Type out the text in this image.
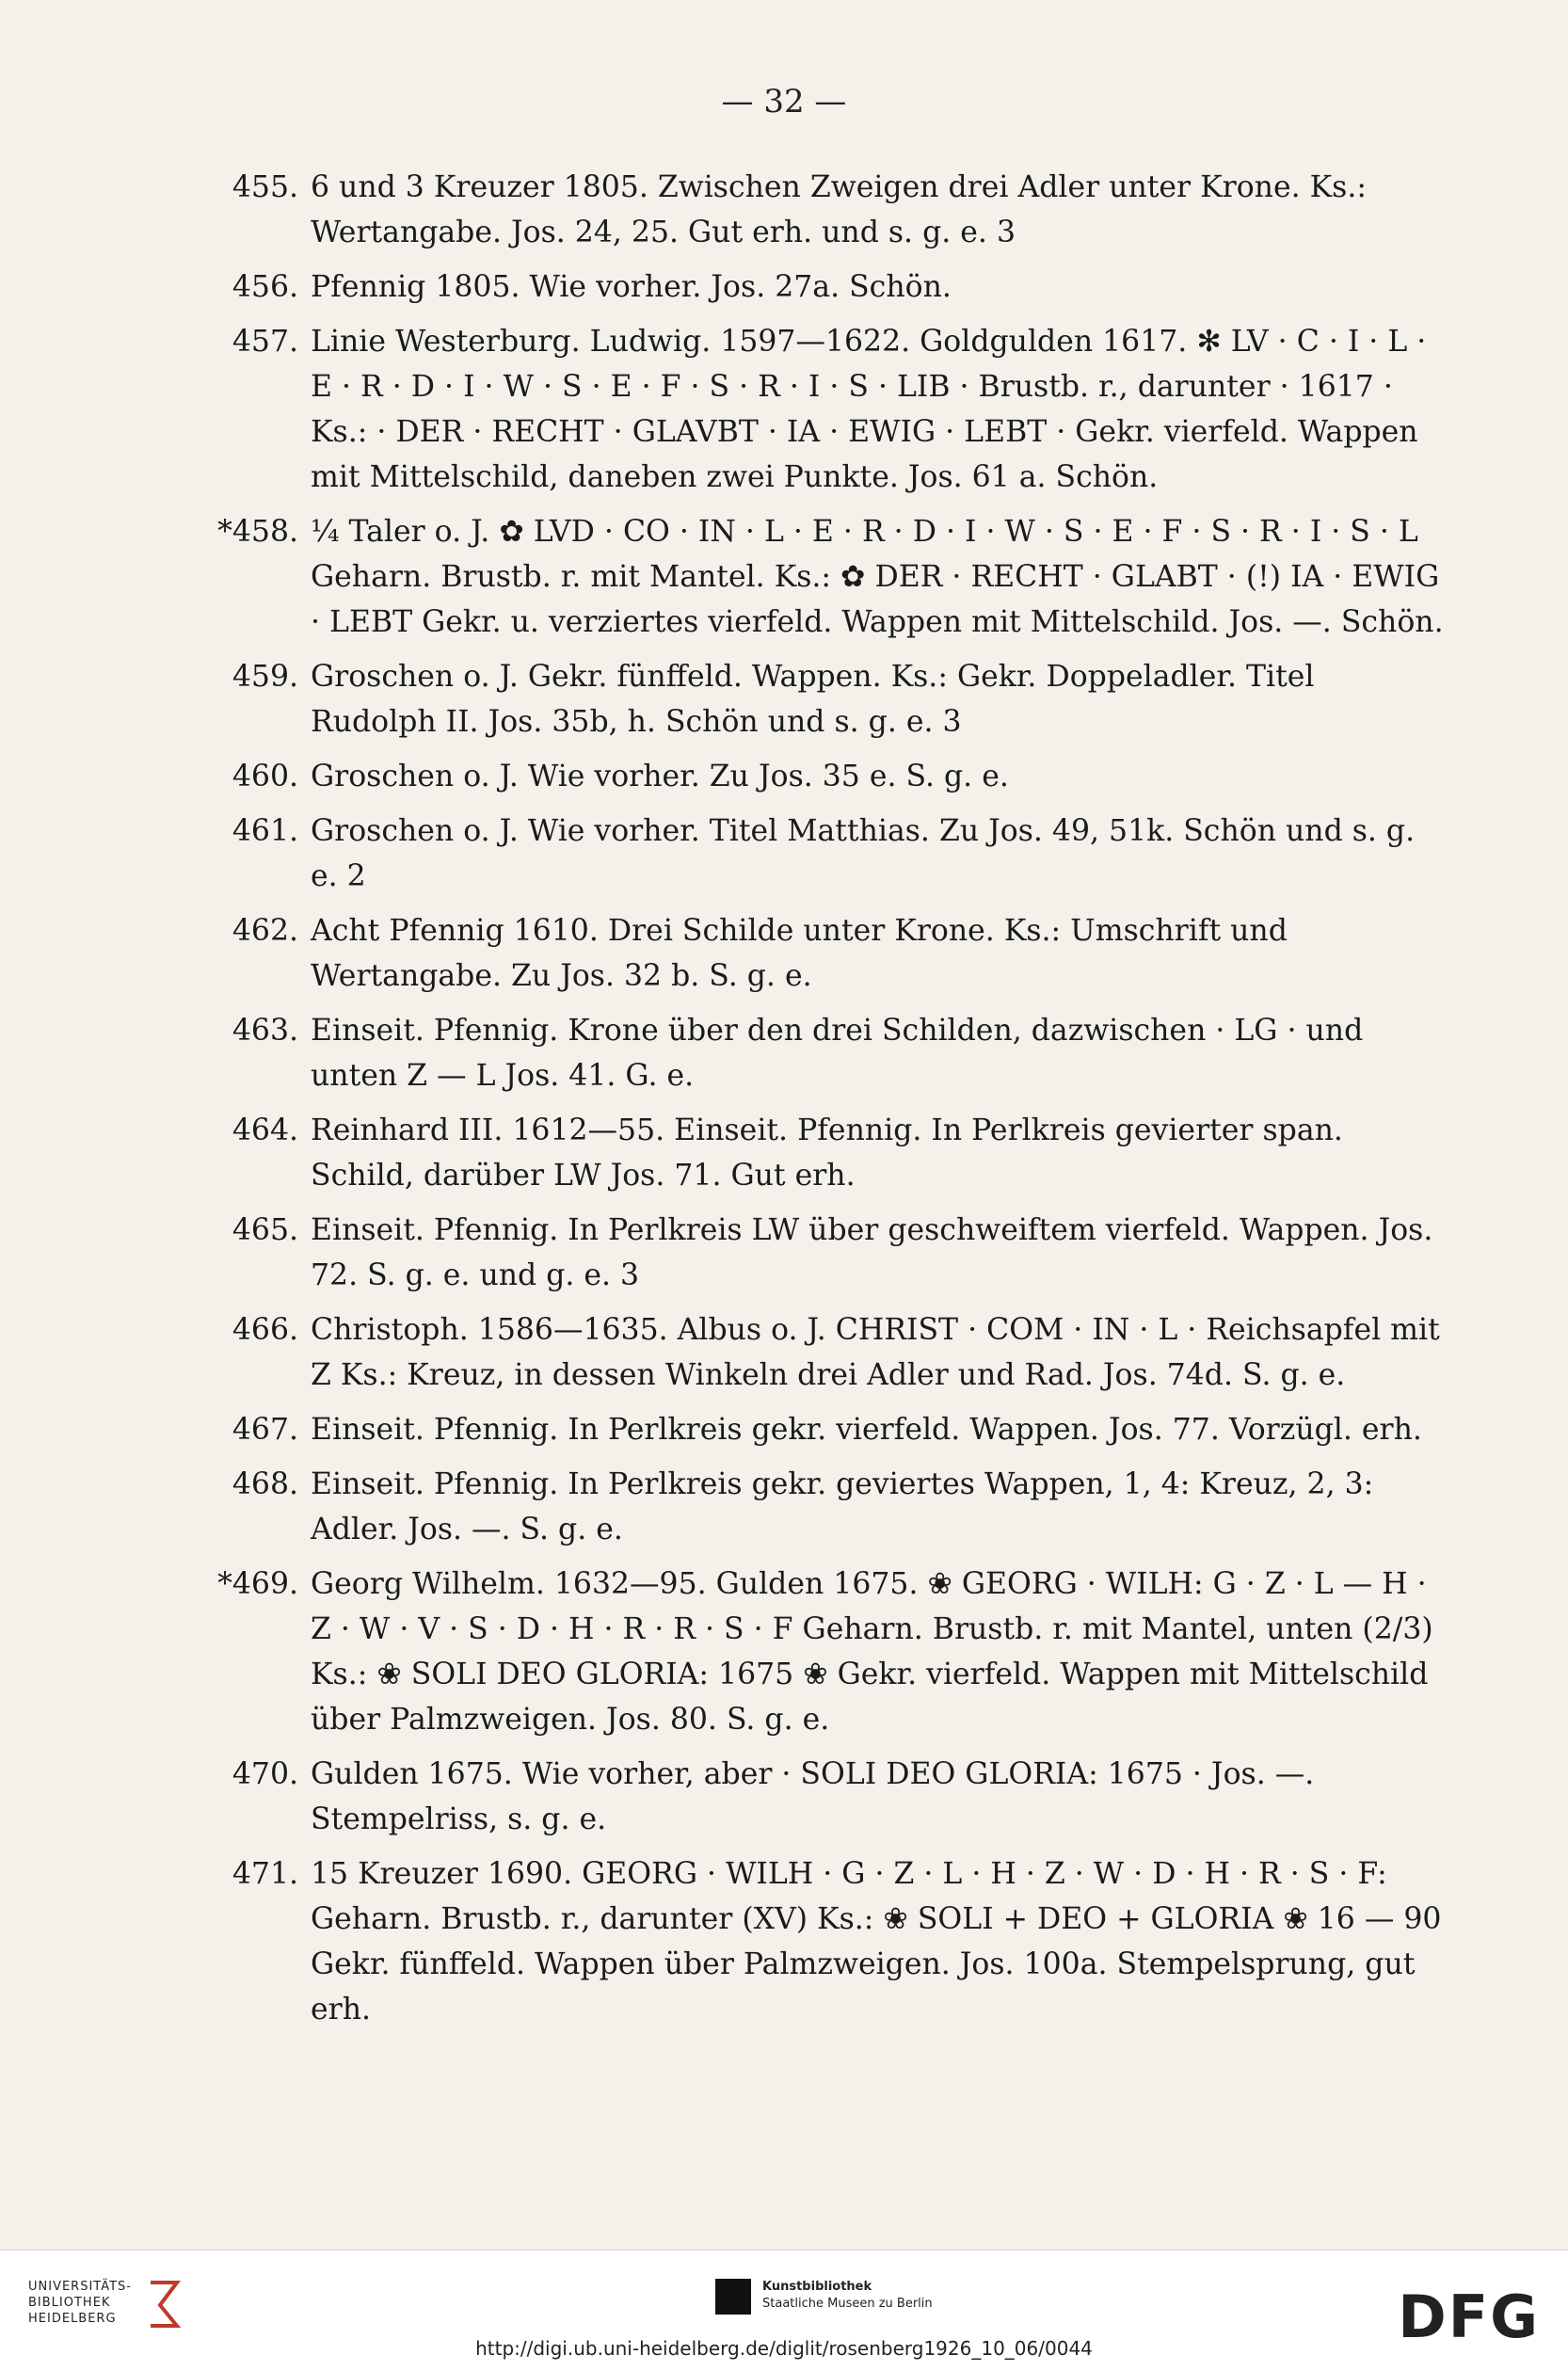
— 32 —
455. 6 und 3 Kreuzer 1805. Zwischen Zweigen drei Adler unter Krone. Ks.: Wertangabe. Jos. 24, 25. Gut erh. und s. g. e. 3
456. Pfennig 1805. Wie vorher. Jos. 27a. Schön.
457. Linie Westerburg. Ludwig. 1597—1622. Goldgulden 1617. ✻ LV · C · I · L · E · R · D · I · W · S · E · F · S · R · I · S · LIB · Brustb. r., darunter · 1617 · Ks.: · DER · RECHT · GLAVBT · IA · EWIG · LEBT · Gekr. vierfeld. Wappen mit Mittelschild, daneben zwei Punkte. Jos. 61 a. Schön.
*458. ¼ Taler o. J. ✿ LVD · CO · IN · L · E · R · D · I · W · S · E · F · S · R · I · S · L Geharn. Brustb. r. mit Mantel. Ks.: ✿ DER · RECHT · GLABT · (!) IA · EWIG · LEBT Gekr. u. verziertes vierfeld. Wappen mit Mittelschild. Jos. —. Schön.
459. Groschen o. J. Gekr. fünffeld. Wappen. Ks.: Gekr. Doppeladler. Titel Rudolph II. Jos. 35b, h. Schön und s. g. e. 3
460. Groschen o. J. Wie vorher. Zu Jos. 35 e. S. g. e.
461. Groschen o. J. Wie vorher. Titel Matthias. Zu Jos. 49, 51k. Schön und s. g. e. 2
462. Acht Pfennig 1610. Drei Schilde unter Krone. Ks.: Umschrift und Wertangabe. Zu Jos. 32 b. S. g. e.
463. Einseit. Pfennig. Krone über den drei Schilden, dazwischen · LG · und unten Z — L Jos. 41. G. e.
464. Reinhard III. 1612—55. Einseit. Pfennig. In Perlkreis gevierter span. Schild, darüber LW Jos. 71. Gut erh.
465. Einseit. Pfennig. In Perlkreis LW über geschweiftem vierfeld. Wappen. Jos. 72. S. g. e. und g. e. 3
466. Christoph. 1586—1635. Albus o. J. CHRIST · COM · IN · L · Reichsapfel mit Z Ks.: Kreuz, in dessen Winkeln drei Adler und Rad. Jos. 74d. S. g. e.
467. Einseit. Pfennig. In Perlkreis gekr. vierfeld. Wappen. Jos. 77. Vorzügl. erh.
468. Einseit. Pfennig. In Perlkreis gekr. geviertes Wappen, 1, 4: Kreuz, 2, 3: Adler. Jos. —. S. g. e.
*469. Georg Wilhelm. 1632—95. Gulden 1675. ❀ GEORG · WILH: G · Z · L — H · Z · W · V · S · D · H · R · R · S · F Geharn. Brustb. r. mit Mantel, unten (2/3) Ks.: ❀ SOLI DEO GLORIA: 1675 ❀ Gekr. vierfeld. Wappen mit Mittelschild über Palmzweigen. Jos. 80. S. g. e.
470. Gulden 1675. Wie vorher, aber · SOLI DEO GLORIA: 1675 · Jos. —. Stempelriss, s. g. e.
471. 15 Kreuzer 1690. GEORG · WILH · G · Z · L · H · Z · W · D · H · R · S · F: Geharn. Brustb. r., darunter (XV) Ks.: ❀ SOLI + DEO + GLORIA ❀ 16 — 90 Gekr. fünffeld. Wappen über Palmzweigen. Jos. 100a. Stempelsprung, gut erh.
UNIVERSITÄTS-
BIBLIOTHEK
HEIDELBERG
Kunstbibliothek
Staatliche Museen zu Berlin	DFG
http://digi.ub.uni-heidelberg.de/diglit/rosenberg1926_10_06/0044
